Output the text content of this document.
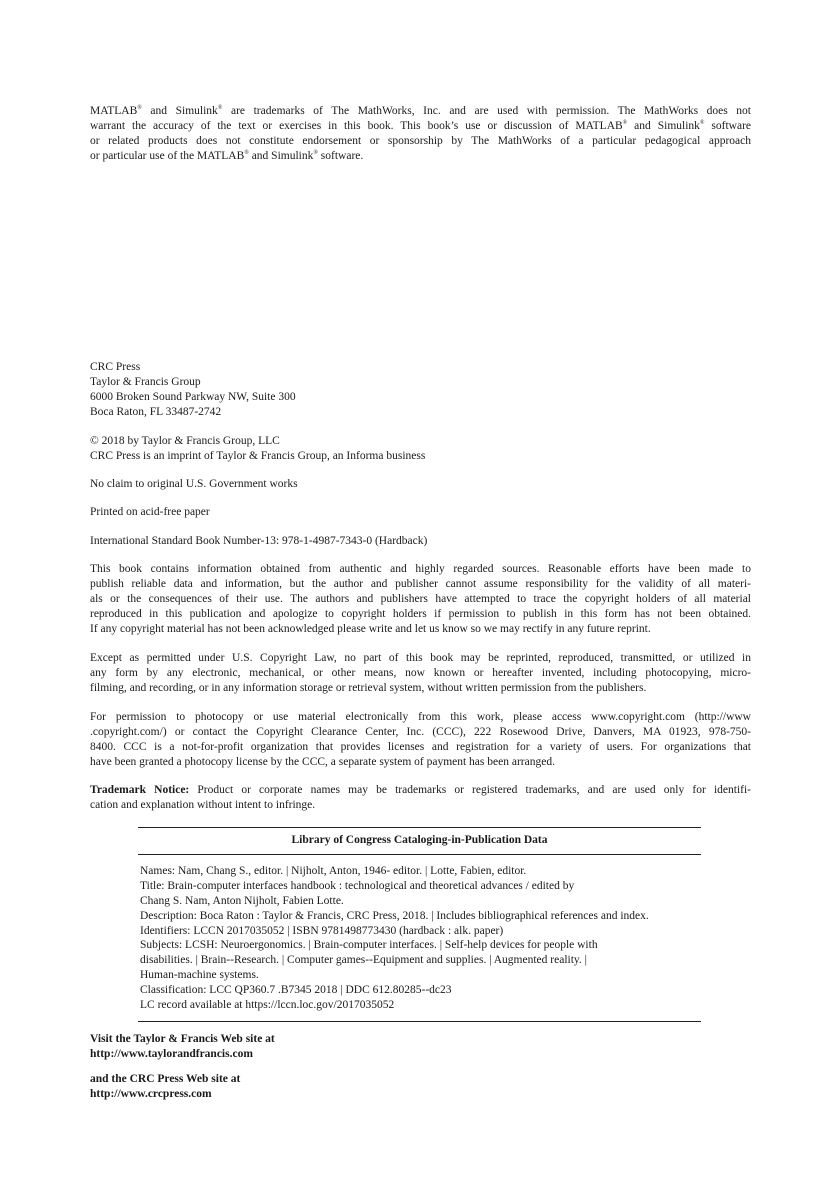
MATLAB® and Simulink® are trademarks of The MathWorks, Inc. and are used with permission. The MathWorks does not

warrant the accuracy of the text or exercises in this book. This book’s use or discussion of MATLAB® and Simulink® software

or related products does not constitute endorsement or sponsorship by The MathWorks of a particular pedagogical approach

or particular use of the MATLAB® and Simulink® software.

CRC Press

Taylor & Francis Group

6000 Broken Sound Parkway NW, Suite 300

Boca Raton, FL 33487-2742

© 2018 by Taylor & Francis Group, LLC

CRC Press is an imprint of Taylor & Francis Group, an Informa business

No claim to original U.S. Government works

Printed on acid-free paper

International Standard Book Number-13: 978-1-4987-7343-0 (Hardback)

This book contains information obtained from authentic and highly regarded sources. Reasonable efforts have been made to

publish reliable data and information, but the author and publisher cannot assume responsibility for the validity of all materi-

als or the consequences of their use. The authors and publishers have attempted to trace the copyright holders of all material

reproduced in this publication and apologize to copyright holders if permission to publish in this form has not been obtained.

If any copyright material has not been acknowledged please write and let us know so we may rectify in any future reprint.

Except as permitted under U.S. Copyright Law, no part of this book may be reprinted, reproduced, transmitted, or utilized in

any form by any electronic, mechanical, or other means, now known or hereafter invented, including photocopying, micro-

filming, and recording, or in any information storage or retrieval system, without written permission from the publishers.

For permission to photocopy or use material electronically from this work, please access www.copyright.com (http://www

.copyright.com/) or contact the Copyright Clearance Center, Inc. (CCC), 222 Rosewood Drive, Danvers, MA 01923, 978-750-

8400. CCC is a not-for-profit organization that provides licenses and registration for a variety of users. For organizations that

have been granted a photocopy license by the CCC, a separate system of payment has been arranged.

Trademark Notice: Product or corporate names may be trademarks or registered trademarks, and are used only for identifi-

cation and explanation without intent to infringe.

Library of Congress Cataloging-in-Publication Data
Names: Nam, Chang S., editor. | Nijholt, Anton, 1946- editor. | Lotte, Fabien, editor.
Title: Brain-computer interfaces handbook : technological and theoretical advances / edited by
Chang S. Nam, Anton Nijholt, Fabien Lotte.
Description: Boca Raton : Taylor & Francis, CRC Press, 2018. | Includes bibliographical references and index.
Identifiers: LCCN 2017035052 | ISBN 9781498773430 (hardback : alk. paper)
Subjects: LCSH: Neuroergonomics. | Brain-computer interfaces. | Self-help devices for people with
disabilities. | Brain--Research. | Computer games--Equipment and supplies. | Augmented reality. |
Human-machine systems.
Classification: LCC QP360.7 .B7345 2018 | DDC 612.80285--dc23
LC record available at https://lccn.loc.gov/2017035052

Visit the Taylor & Francis Web site at

http://www.taylorandfrancis.com

and the CRC Press Web site at

http://www.crcpress.com
